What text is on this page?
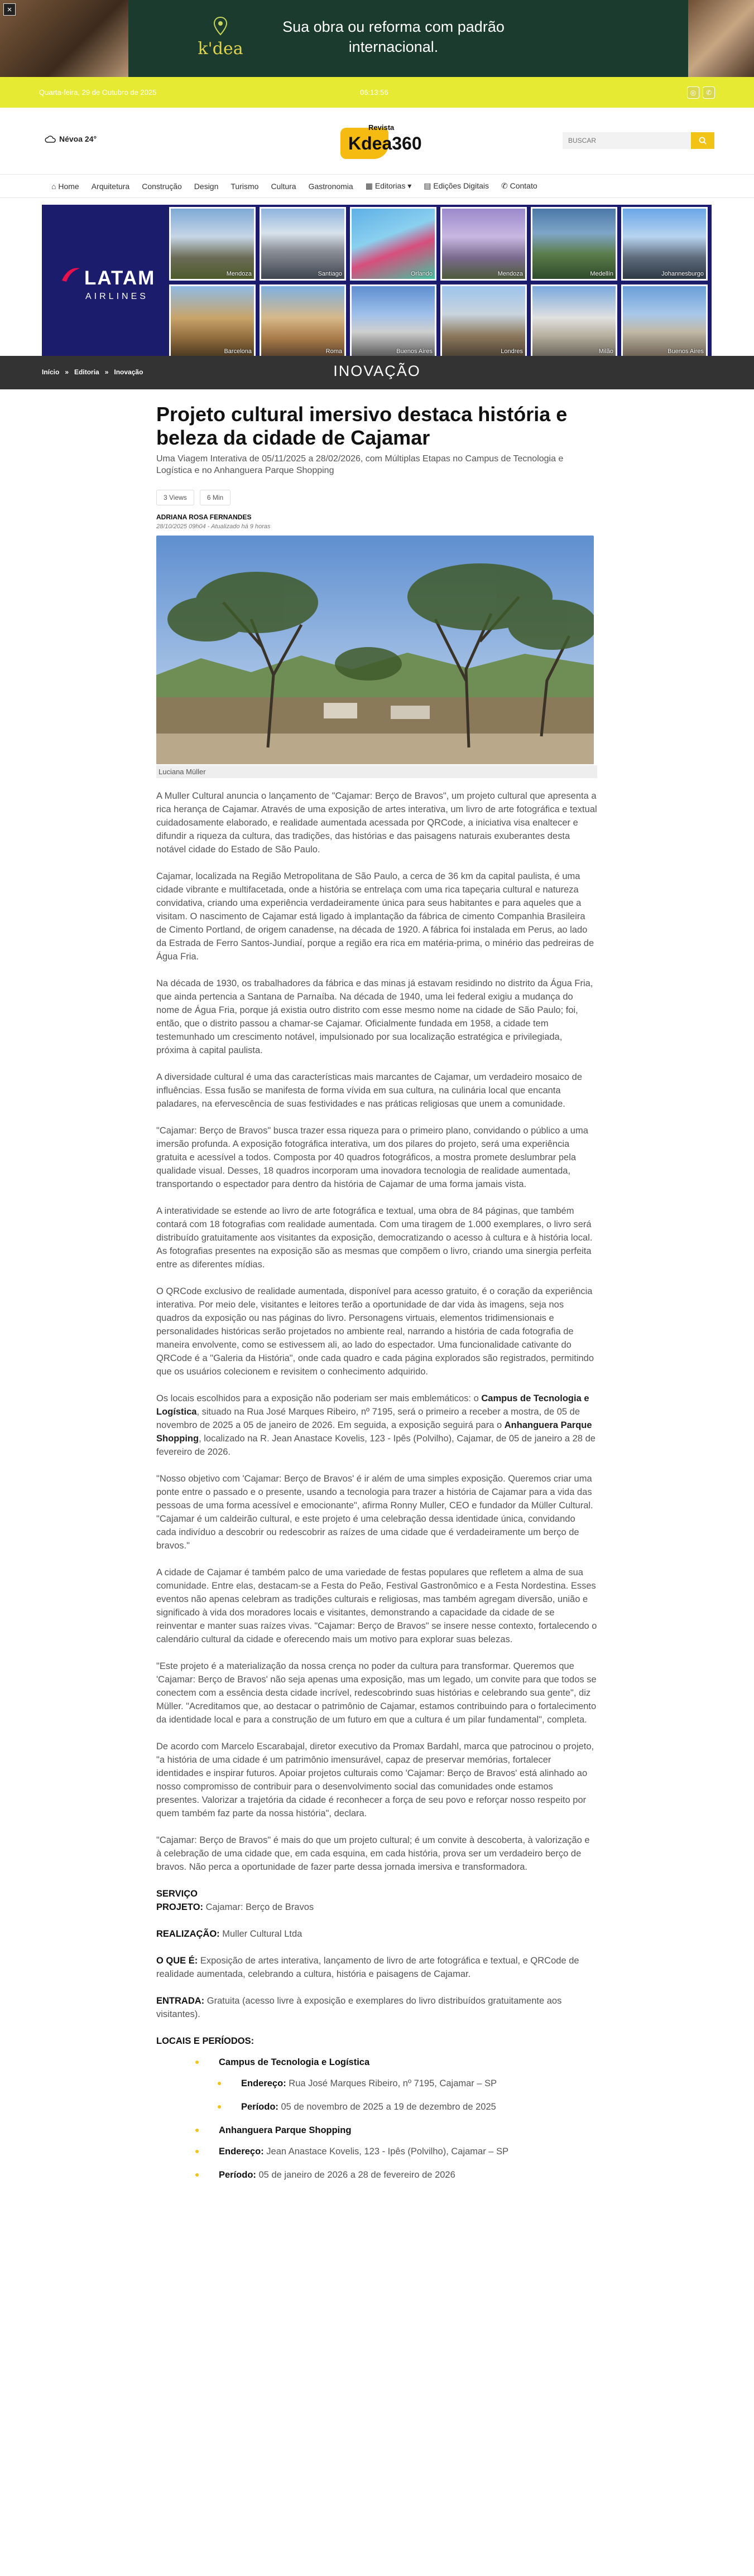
×
k'dea
Sua obra ou reforma com padrão internacional.
Quarta-feira, 29 de Outubro de 2025	06:13:56	◎	✆
Névoa 24°
Revista
Kdea360
BUSCAR
⌂ Home Arquitetura Construção Design Turismo Cultura Gastronomia ▦ Editorias ▾ ▤ Edições Digitais ✆ Contato
LATAM
AIRLINES
Mendoza	Santiago	Orlando	Mendoza	Medellín	Johannesburgo
Barcelona	Roma	Buenos Aires	Londres	Milão	Buenos Aires
Início » Editoria » Inovação	INOVAÇÃO
Projeto cultural imersivo destaca história e beleza da cidade de Cajamar
Uma Viagem Interativa de 05/11/2025 a 28/02/2026, com Múltiplas Etapas no Campus de Tecnologia e Logística e no Anhanguera Parque Shopping
3 Views	6 Min
ADRIANA ROSA FERNANDES
28/10/2025 09h04 - Atualizado há 9 horas
Luciana Müller

A Muller Cultural anuncia o lançamento de "Cajamar: Berço de Bravos", um projeto cultural que apresenta a rica herança de Cajamar. Através de uma exposição de artes interativa, um livro de arte fotográfica e textual cuidadosamente elaborado, e realidade aumentada acessada por QRCode, a iniciativa visa enaltecer e difundir a riqueza da cultura, das tradições, das histórias e das paisagens naturais exuberantes desta notável cidade do Estado de São Paulo.

Cajamar, localizada na Região Metropolitana de São Paulo, a cerca de 36 km da capital paulista, é uma cidade vibrante e multifacetada, onde a história se entrelaça com uma rica tapeçaria cultural e natureza convidativa, criando uma experiência verdadeiramente única para seus habitantes e para aqueles que a visitam. O nascimento de Cajamar está ligado à implantação da fábrica de cimento Companhia Brasileira de Cimento Portland, de origem canadense, na década de 1920. A fábrica foi instalada em Perus, ao lado da Estrada de Ferro Santos-Jundiaí, porque a região era rica em matéria-prima, o minério das pedreiras de Água Fria.

Na década de 1930, os trabalhadores da fábrica e das minas já estavam residindo no distrito da Água Fria, que ainda pertencia a Santana de Parnaíba. Na década de 1940, uma lei federal exigiu a mudança do nome de Água Fria, porque já existia outro distrito com esse mesmo nome na cidade de São Paulo; foi, então, que o distrito passou a chamar-se Cajamar. Oficialmente fundada em 1958, a cidade tem testemunhado um crescimento notável, impulsionado por sua localização estratégica e privilegiada, próxima à capital paulista.

A diversidade cultural é uma das características mais marcantes de Cajamar, um verdadeiro mosaico de influências. Essa fusão se manifesta de forma vívida em sua cultura, na culinária local que encanta paladares, na efervescência de suas festividades e nas práticas religiosas que unem a comunidade.

"Cajamar: Berço de Bravos" busca trazer essa riqueza para o primeiro plano, convidando o público a uma imersão profunda. A exposição fotográfica interativa, um dos pilares do projeto, será uma experiência gratuita e acessível a todos. Composta por 40 quadros fotográficos, a mostra promete deslumbrar pela qualidade visual. Desses, 18 quadros incorporam uma inovadora tecnologia de realidade aumentada, transportando o espectador para dentro da história de Cajamar de uma forma jamais vista.

A interatividade se estende ao livro de arte fotográfica e textual, uma obra de 84 páginas, que também contará com 18 fotografias com realidade aumentada. Com uma tiragem de 1.000 exemplares, o livro será distribuído gratuitamente aos visitantes da exposição, democratizando o acesso à cultura e à história local. As fotografias presentes na exposição são as mesmas que compõem o livro, criando uma sinergia perfeita entre as diferentes mídias.

O QRCode exclusivo de realidade aumentada, disponível para acesso gratuito, é o coração da experiência interativa. Por meio dele, visitantes e leitores terão a oportunidade de dar vida às imagens, seja nos quadros da exposição ou nas páginas do livro. Personagens virtuais, elementos tridimensionais e personalidades históricas serão projetados no ambiente real, narrando a história de cada fotografia de maneira envolvente, como se estivessem ali, ao lado do espectador. Uma funcionalidade cativante do QRCode é a "Galeria da História", onde cada quadro e cada página explorados são registrados, permitindo que os usuários colecionem e revisitem o conhecimento adquirido.

Os locais escolhidos para a exposição não poderiam ser mais emblemáticos: o Campus de Tecnologia e Logística, situado na Rua José Marques Ribeiro, nº 7195, será o primeiro a receber a mostra, de 05 de novembro de 2025 a 05 de janeiro de 2026. Em seguida, a exposição seguirá para o Anhanguera Parque Shopping, localizado na R. Jean Anastace Kovelis, 123 - Ipês (Polvilho), Cajamar, de 05 de janeiro a 28 de fevereiro de 2026.

"Nosso objetivo com 'Cajamar: Berço de Bravos' é ir além de uma simples exposição. Queremos criar uma ponte entre o passado e o presente, usando a tecnologia para trazer a história de Cajamar para a vida das pessoas de uma forma acessível e emocionante", afirma Ronny Muller, CEO e fundador da Müller Cultural. "Cajamar é um caldeirão cultural, e este projeto é uma celebração dessa identidade única, convidando cada indivíduo a descobrir ou redescobrir as raízes de uma cidade que é verdadeiramente um berço de bravos."

A cidade de Cajamar é também palco de uma variedade de festas populares que refletem a alma de sua comunidade. Entre elas, destacam-se a Festa do Peão, Festival Gastronômico e a Festa Nordestina. Esses eventos não apenas celebram as tradições culturais e religiosas, mas também agregam diversão, união e significado à vida dos moradores locais e visitantes, demonstrando a capacidade da cidade de se reinventar e manter suas raízes vivas. "Cajamar: Berço de Bravos" se insere nesse contexto, fortalecendo o calendário cultural da cidade e oferecendo mais um motivo para explorar suas belezas.

"Este projeto é a materialização da nossa crença no poder da cultura para transformar. Queremos que 'Cajamar: Berço de Bravos' não seja apenas uma exposição, mas um legado, um convite para que todos se conectem com a essência desta cidade incrível, redescobrindo suas histórias e celebrando sua gente", diz Müller. "Acreditamos que, ao destacar o patrimônio de Cajamar, estamos contribuindo para o fortalecimento da identidade local e para a construção de um futuro em que a cultura é um pilar fundamental", completa.

De acordo com Marcelo Escarabajal, diretor executivo da Promax Bardahl, marca que patrocinou o projeto, "a história de uma cidade é um patrimônio imensurável, capaz de preservar memórias, fortalecer identidades e inspirar futuros. Apoiar projetos culturais como 'Cajamar: Berço de Bravos' está alinhado ao nosso compromisso de contribuir para o desenvolvimento social das comunidades onde estamos presentes. Valorizar a trajetória da cidade é reconhecer a força de seu povo e reforçar nosso respeito por quem também faz parte da nossa história", declara.

"Cajamar: Berço de Bravos" é mais do que um projeto cultural; é um convite à descoberta, à valorização e à celebração de uma cidade que, em cada esquina, em cada história, prova ser um verdadeiro berço de bravos. Não perca a oportunidade de fazer parte dessa jornada imersiva e transformadora.

SERVIÇO
PROJETO: Cajamar: Berço de Bravos
REALIZAÇÃO: Muller Cultural Ltda
O QUE É: Exposição de artes interativa, lançamento de livro de arte fotográfica e textual, e QRCode de realidade aumentada, celebrando a cultura, história e paisagens de Cajamar.
ENTRADA: Gratuita (acesso livre à exposição e exemplares do livro distribuídos gratuitamente aos visitantes).
LOCAIS E PERÍODOS:
Campus de Tecnologia e Logística
Endereço: Rua José Marques Ribeiro, nº 7195, Cajamar – SP
Período: 05 de novembro de 2025 a 19 de dezembro de 2025
Anhanguera Parque Shopping
Endereço: Jean Anastace Kovelis, 123 - Ipês (Polvilho), Cajamar – SP
Período: 05 de janeiro de 2026 a 28 de fevereiro de 2026
